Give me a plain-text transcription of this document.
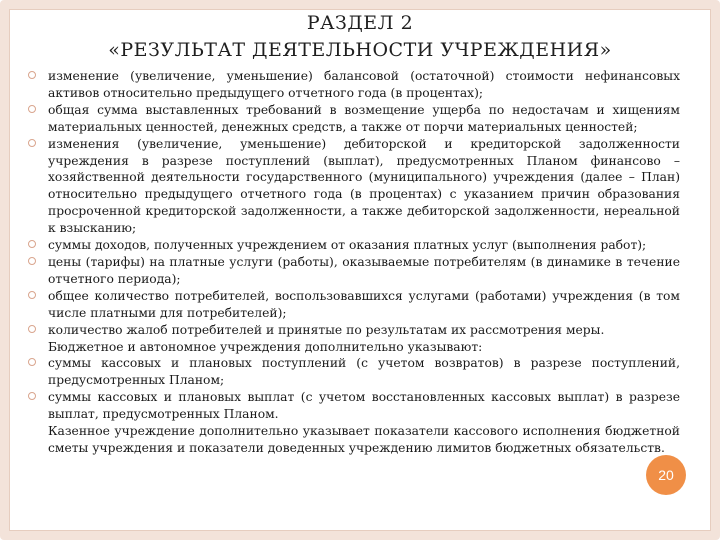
РАЗДЕЛ 2
«РЕЗУЛЬТАТ ДЕЯТЕЛЬНОСТИ УЧРЕЖДЕНИЯ»
изменение (увеличение, уменьшение) балансовой (остаточной) стоимости нефинансовых активов относительно предыдущего отчетного года (в процентах);
общая сумма выставленных требований в возмещение ущерба по недостачам и хищениям материальных ценностей, денежных средств, а также от порчи материальных ценностей;
изменения (увеличение, уменьшение) дебиторской и кредиторской задолженности учреждения в разрезе поступлений (выплат), предусмотренных Планом финансово – хозяйственной деятельности государственного (муниципального) учреждения (далее – План) относительно предыдущего отчетного года (в процентах) с указанием причин образования просроченной кредиторской задолженности, а также дебиторской задолженности, нереальной к взысканию;
суммы доходов, полученных учреждением от оказания платных услуг (выполнения работ);
цены (тарифы) на платные услуги (работы), оказываемые потребителям (в динамике в течение отчетного периода);
общее количество потребителей, воспользовавшихся услугами (работами) учреждения (в том числе платными для потребителей);
количество жалоб потребителей и принятые по результатам их рассмотрения меры.
Бюджетное и автономное учреждения дополнительно указывают:
суммы кассовых и плановых поступлений (с учетом возвратов) в разрезе поступлений, предусмотренных Планом;
суммы кассовых и плановых выплат (с учетом восстановленных кассовых выплат) в разрезе выплат, предусмотренных Планом.
Казенное учреждение дополнительно указывает показатели кассового исполнения бюджетной сметы учреждения и показатели доведенных учреждению лимитов бюджетных обязательств.
20
